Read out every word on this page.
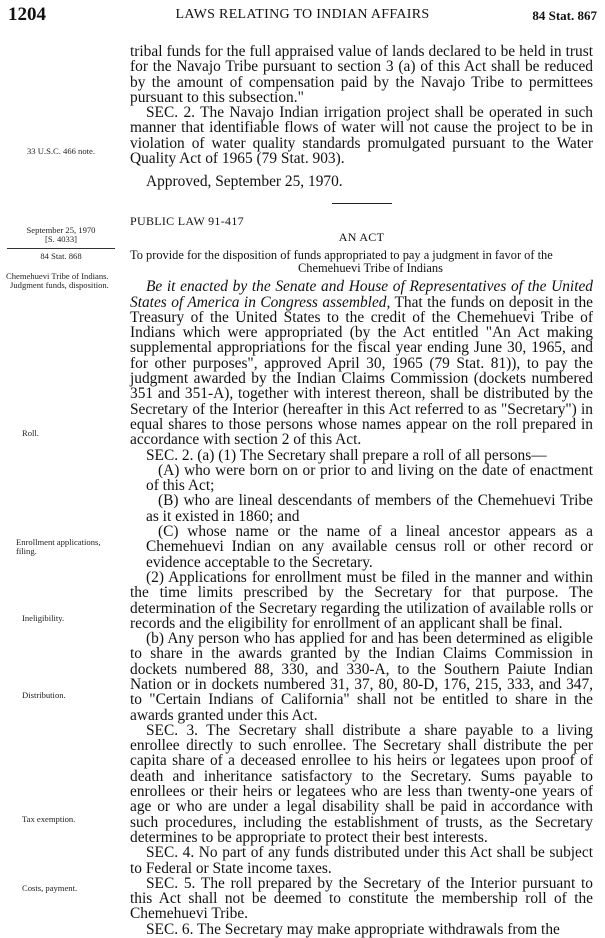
1204	LAWS RELATING TO INDIAN AFFAIRS	84 Stat. 867
33 U.S.C. 466 note.
September 25, 1970
[S. 4033]
84 Stat. 868
Chemehuevi Tribe of Indians.
Judgment funds, disposition.
Roll.
Enrollment applications, filing.
Ineligibility.
Distribution.
Tax exemption.
Costs, payment.

tribal funds for the full appraised value of lands declared to be held in trust for the Navajo Tribe pursuant to section 3 (a) of this Act shall be reduced by the amount of compensation paid by the Navajo Tribe to permittees pursuant to this subsection."

SEC. 2. The Navajo Indian irrigation project shall be operated in such manner that identifiable flows of water will not cause the project to be in violation of water quality standards promulgated pursuant to the Water Quality Act of 1965 (79 Stat. 903).

Approved, September 25, 1970.

PUBLIC LAW 91-417

AN ACT

To provide for the disposition of funds appropriated to pay a judgment in favor of the
Chemehuevi Tribe of Indians

Be it enacted by the Senate and House of Representatives of the United States of America in Congress assembled, That the funds on deposit in the Treasury of the United States to the credit of the Chemehuevi Tribe of Indians which were appropriated (by the Act entitled "An Act making supplemental appropriations for the fiscal year ending June 30, 1965, and for other purposes", approved April 30, 1965 (79 Stat. 81)), to pay the judgment awarded by the Indian Claims Commission (dockets numbered 351 and 351-A), together with interest thereon, shall be distributed by the Secretary of the Interior (hereafter in this Act referred to as "Secretary") in equal shares to those persons whose names appear on the roll prepared in accordance with section 2 of this Act.

SEC. 2. (a) (1) The Secretary shall prepare a roll of all persons—

(A) who were born on or prior to and living on the date of enactment of this Act;

(B) who are lineal descendants of members of the Chemehuevi Tribe as it existed in 1860; and

(C) whose name or the name of a lineal ancestor appears as a Chemehuevi Indian on any available census roll or other record or evidence acceptable to the Secretary.

(2) Applications for enrollment must be filed in the manner and within the time limits prescribed by the Secretary for that purpose. The determination of the Secretary regarding the utilization of available rolls or records and the eligibility for enrollment of an applicant shall be final.

(b) Any person who has applied for and has been determined as eligible to share in the awards granted by the Indian Claims Commission in dockets numbered 88, 330, and 330-A, to the Southern Paiute Indian Nation or in dockets numbered 31, 37, 80, 80-D, 176, 215, 333, and 347, to "Certain Indians of California" shall not be entitled to share in the awards granted under this Act.

SEC. 3. The Secretary shall distribute a share payable to a living enrollee directly to such enrollee. The Secretary shall distribute the per capita share of a deceased enrollee to his heirs or legatees upon proof of death and inheritance satisfactory to the Secretary. Sums payable to enrollees or their heirs or legatees who are less than twenty-one years of age or who are under a legal disability shall be paid in accordance with such procedures, including the establishment of trusts, as the Secretary determines to be appropriate to protect their best interests.

SEC. 4. No part of any funds distributed under this Act shall be subject to Federal or State income taxes.

SEC. 5. The roll prepared by the Secretary of the Interior pursuant to this Act shall not be deemed to constitute the membership roll of the Chemehuevi Tribe.

SEC. 6. The Secretary may make appropriate withdrawals from the
